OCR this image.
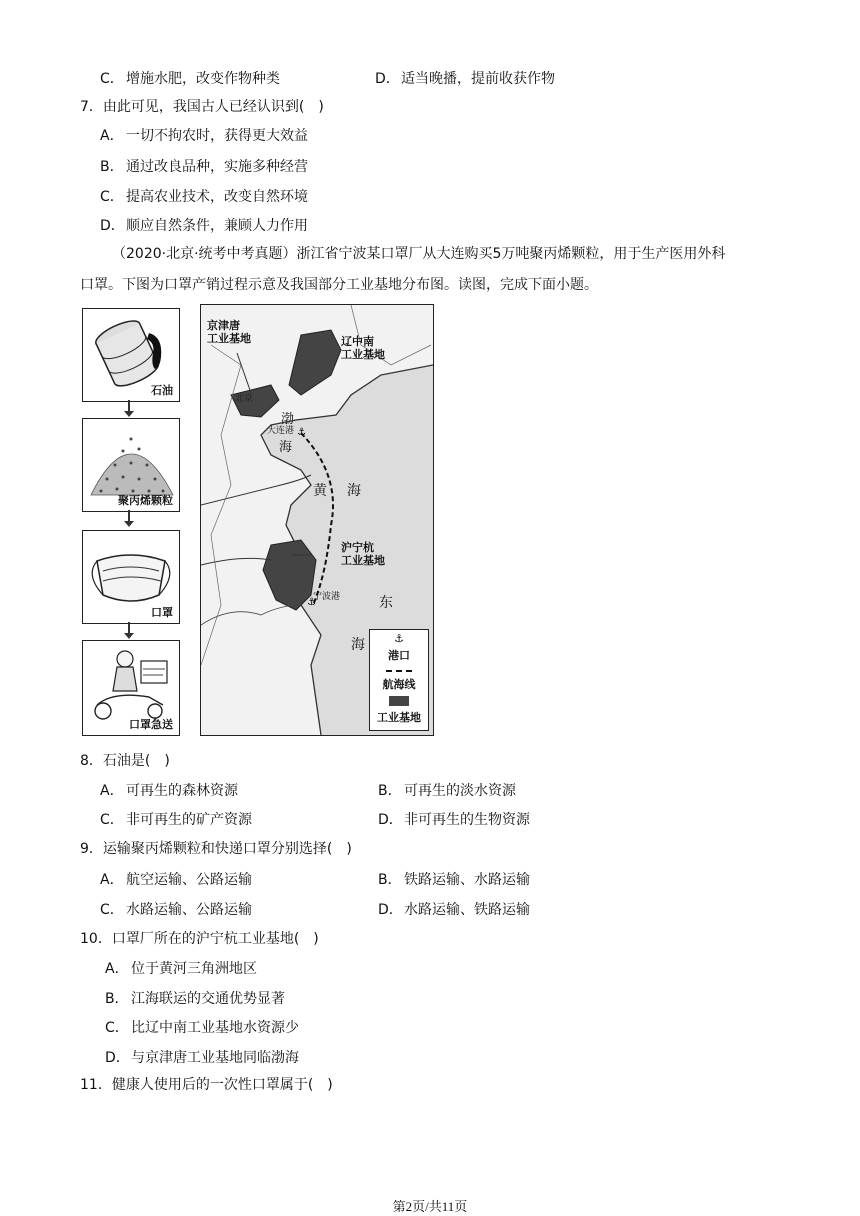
C． 增施水肥，改变作物种类	D．适当晚播，提前收获作物
7．由此可见，我国古人已经认识到(　)
A． 一切不拘农时，获得更大效益
B． 通过改良品种，实施多种经营
C． 提高农业技术，改变自然环境
D．顺应自然条件，兼顾人力作用
（2020·北京·统考中考真题）浙江省宁波某口罩厂从大连购买5万吨聚丙烯颗粒，用于生产医用外科
口罩。下图为口罩产销过程示意及我国部分工业基地分布图。读图，完成下面小题。
石油
聚丙烯颗粒
口罩
口罩急送
⚓
⚓
京津唐
工业基地	辽中南
工业基地
沪宁杭
工业基地
北京
大连港
宁波港
渤
海
黄 海
东
海	⚓
港口
航海线
工业基地
8．石油是(　)
A． 可再生的森林资源	B． 可再生的淡水资源
C． 非可再生的矿产资源	D．非可再生的生物资源
9．运输聚丙烯颗粒和快递口罩分别选择(　)
A． 航空运输、公路运输	B． 铁路运输、水路运输
C． 水路运输、公路运输	D．水路运输、铁路运输
10．口罩厂所在的沪宁杭工业基地(　)
A． 位于黄河三角洲地区
B． 江海联运的交通优势显著
C． 比辽中南工业基地水资源少
D．与京津唐工业基地同临渤海
11．健康人使用后的一次性口罩属于(　)
第2页/共11页
